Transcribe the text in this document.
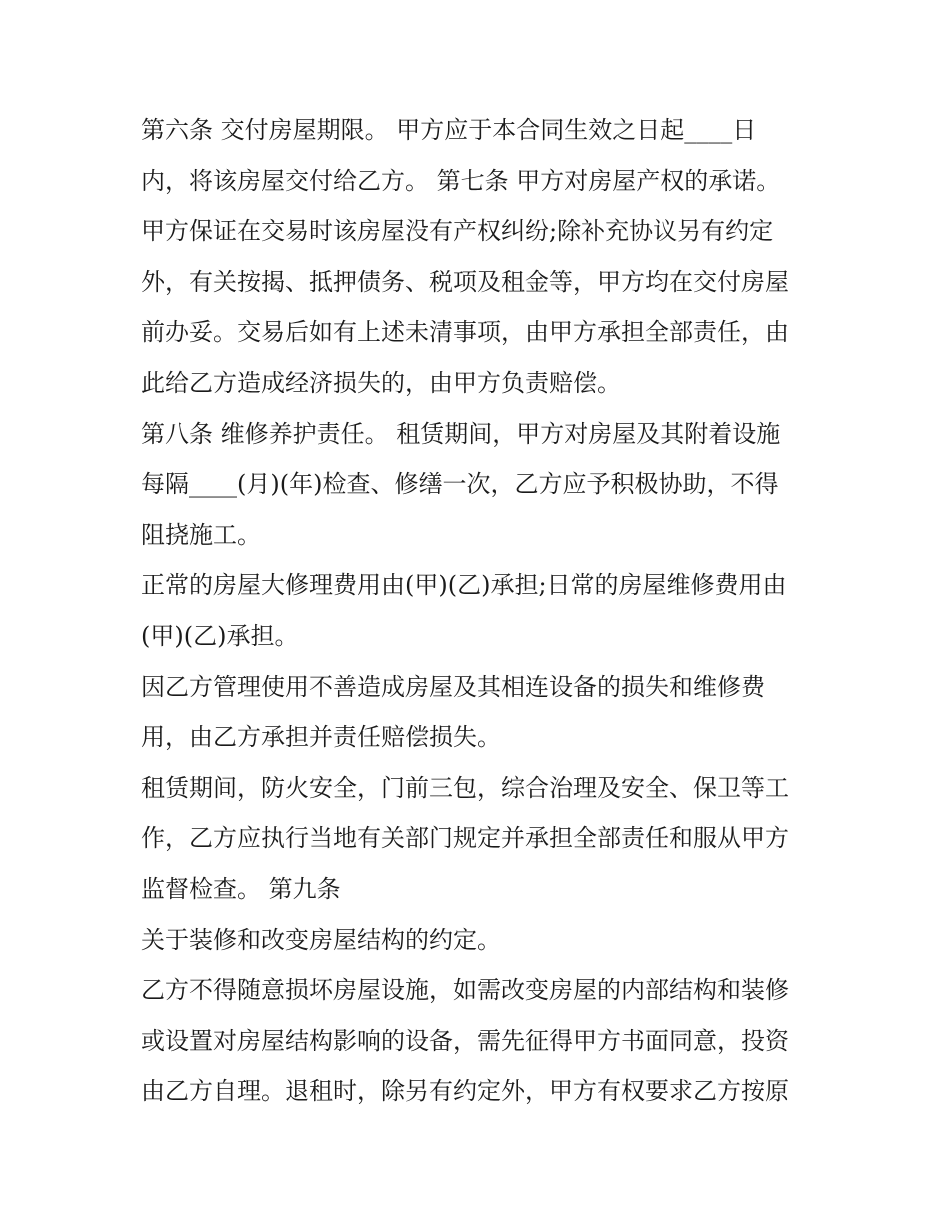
第六条 交付房屋期限。 甲方应于本合同生效之日起____日
内，将该房屋交付给乙方。 第七条 甲方对房屋产权的承诺。
甲方保证在交易时该房屋没有产权纠纷;除补充协议另有约定
外，有关按揭、抵押债务、税项及租金等，甲方均在交付房屋
前办妥。交易后如有上述未清事项，由甲方承担全部责任，由
此给乙方造成经济损失的，由甲方负责赔偿。
第八条 维修养护责任。 租赁期间，甲方对房屋及其附着设施
每隔____(月)(年)检查、修缮一次，乙方应予积极协助，不得
阻挠施工。
正常的房屋大修理费用由(甲)(乙)承担;日常的房屋维修费用由
(甲)(乙)承担。
因乙方管理使用不善造成房屋及其相连设备的损失和维修费
用，由乙方承担并责任赔偿损失。
租赁期间，防火安全，门前三包，综合治理及安全、保卫等工
作，乙方应执行当地有关部门规定并承担全部责任和服从甲方
监督检查。 第九条
关于装修和改变房屋结构的约定。
乙方不得随意损坏房屋设施，如需改变房屋的内部结构和装修
或设置对房屋结构影响的设备，需先征得甲方书面同意，投资
由乙方自理。退租时，除另有约定外，甲方有权要求乙方按原
